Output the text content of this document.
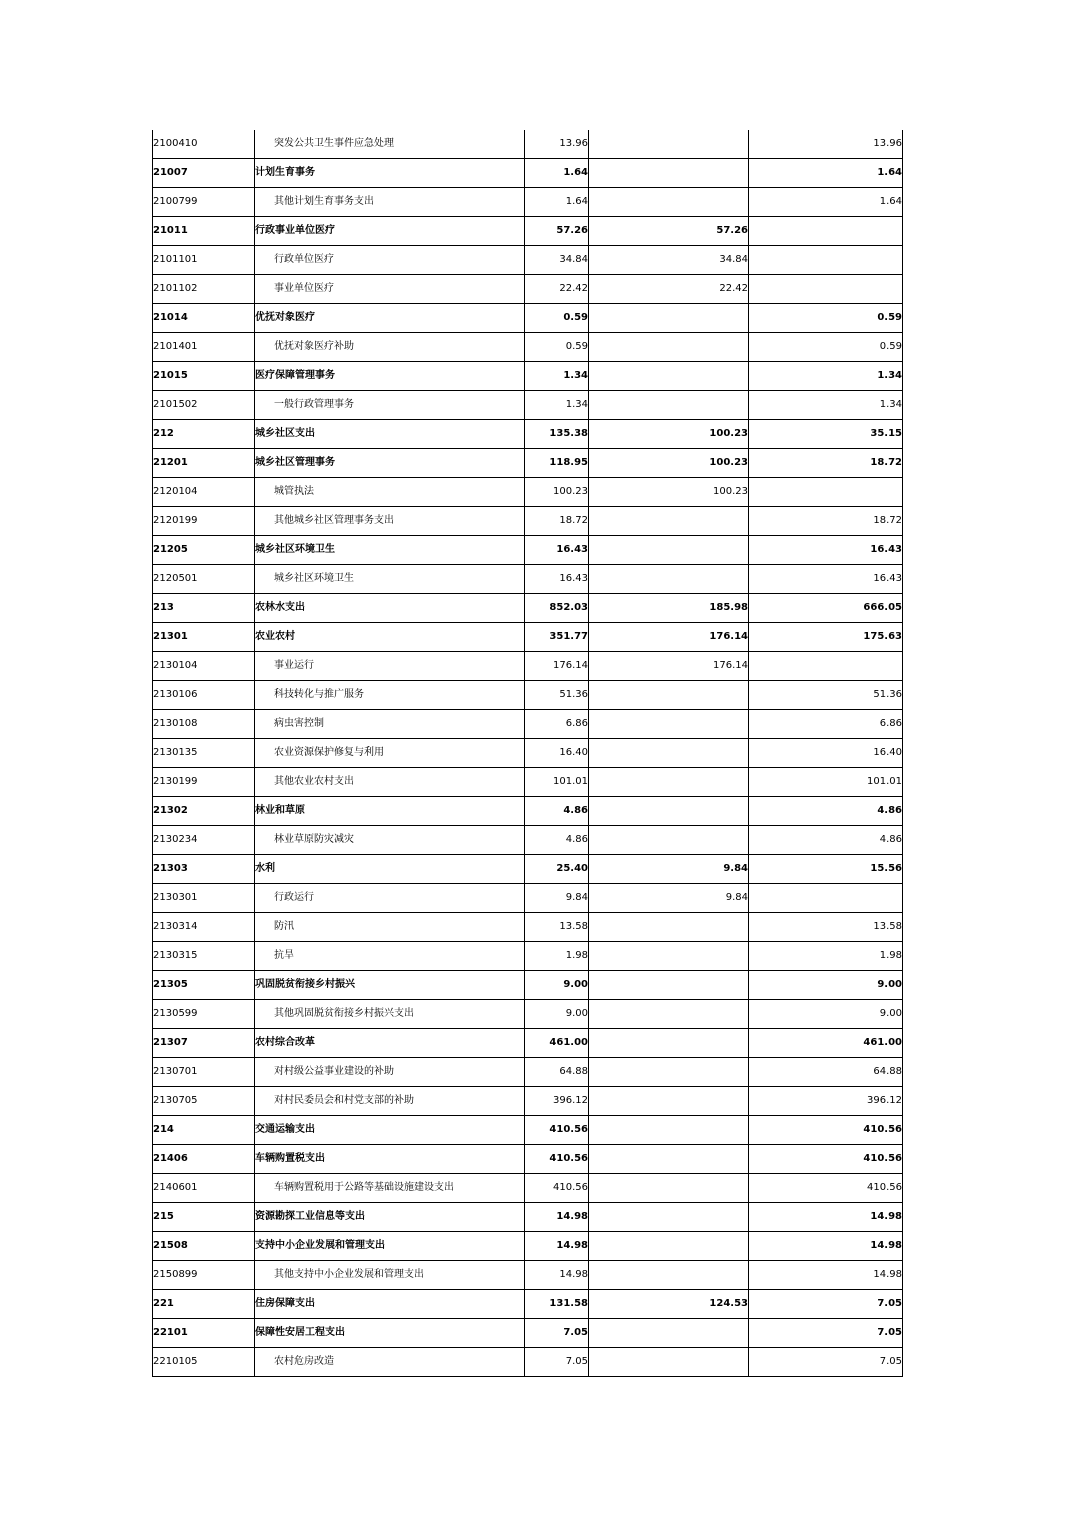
2100410	突发公共卫生事件应急处理	13.96		13.96
21007	计划生育事务	1.64		1.64
2100799	其他计划生育事务支出	1.64		1.64
21011	行政事业单位医疗	57.26	57.26	
2101101	行政单位医疗	34.84	34.84	
2101102	事业单位医疗	22.42	22.42	
21014	优抚对象医疗	0.59		0.59
2101401	优抚对象医疗补助	0.59		0.59
21015	医疗保障管理事务	1.34		1.34
2101502	一般行政管理事务	1.34		1.34
212	城乡社区支出	135.38	100.23	35.15
21201	城乡社区管理事务	118.95	100.23	18.72
2120104	城管执法	100.23	100.23	
2120199	其他城乡社区管理事务支出	18.72		18.72
21205	城乡社区环境卫生	16.43		16.43
2120501	城乡社区环境卫生	16.43		16.43
213	农林水支出	852.03	185.98	666.05
21301	农业农村	351.77	176.14	175.63
2130104	事业运行	176.14	176.14	
2130106	科技转化与推广服务	51.36		51.36
2130108	病虫害控制	6.86		6.86
2130135	农业资源保护修复与利用	16.40		16.40
2130199	其他农业农村支出	101.01		101.01
21302	林业和草原	4.86		4.86
2130234	林业草原防灾减灾	4.86		4.86
21303	水利	25.40	9.84	15.56
2130301	行政运行	9.84	9.84	
2130314	防汛	13.58		13.58
2130315	抗旱	1.98		1.98
21305	巩固脱贫衔接乡村振兴	9.00		9.00
2130599	其他巩固脱贫衔接乡村振兴支出	9.00		9.00
21307	农村综合改革	461.00		461.00
2130701	对村级公益事业建设的补助	64.88		64.88
2130705	对村民委员会和村党支部的补助	396.12		396.12
214	交通运输支出	410.56		410.56
21406	车辆购置税支出	410.56		410.56
2140601	车辆购置税用于公路等基础设施建设支出	410.56		410.56
215	资源勘探工业信息等支出	14.98		14.98
21508	支持中小企业发展和管理支出	14.98		14.98
2150899	其他支持中小企业发展和管理支出	14.98		14.98
221	住房保障支出	131.58	124.53	7.05
22101	保障性安居工程支出	7.05		7.05
2210105	农村危房改造	7.05		7.05
